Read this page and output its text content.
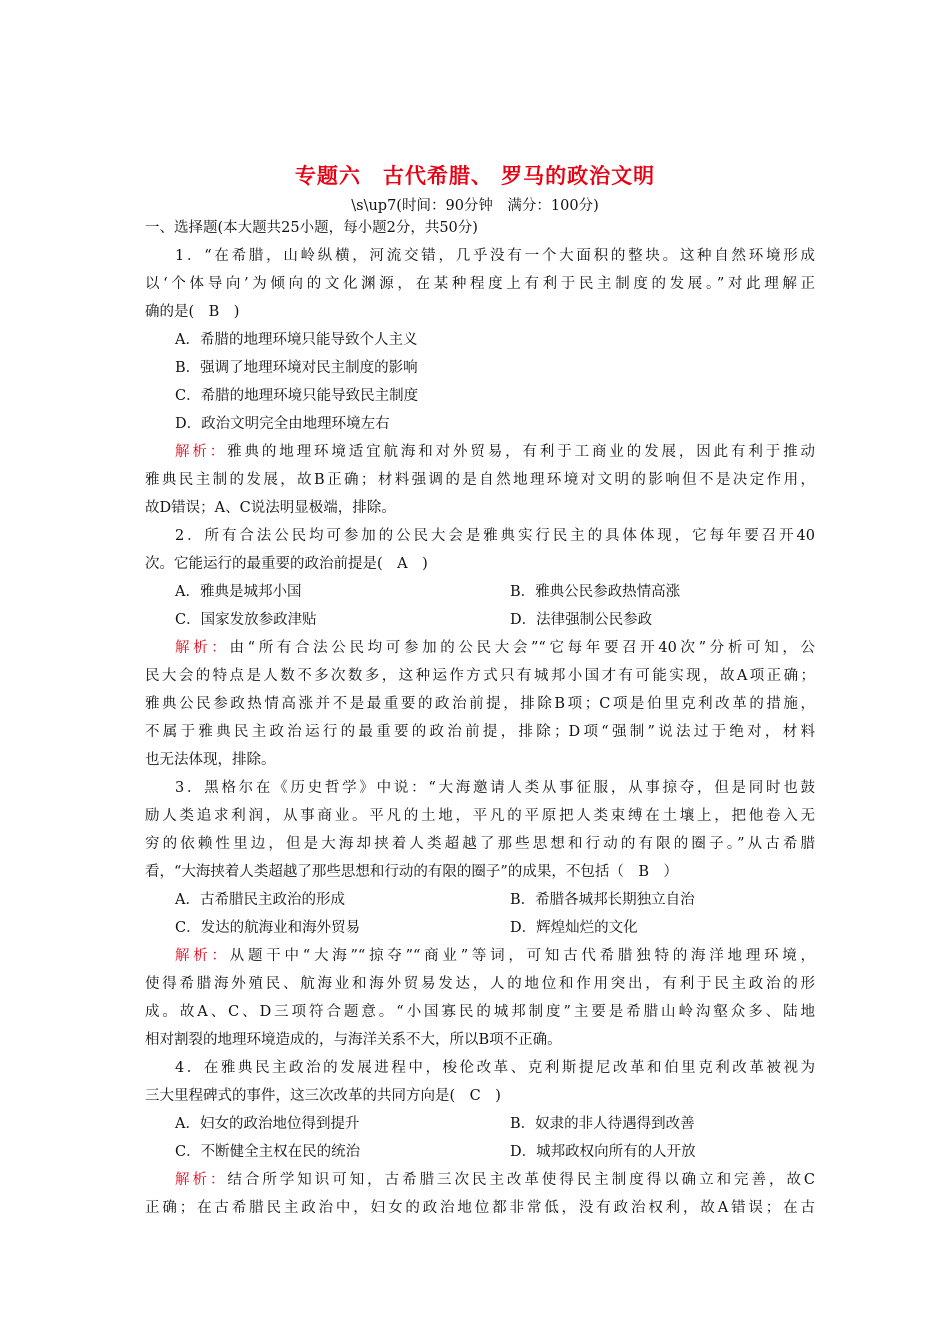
专题六　古代希腊、 罗马的政治文明
\s\up7(时间：90分钟　满分：100分)
一、选择题(本大题共25小题，每小题2分，共50分)
1．“在希腊，山岭纵横，河流交错，几乎没有一个大面积的整块。这种自然环境形成
以‘个体导向’为倾向的文化渊源，在某种程度上有利于民主制度的发展。”对此理解正
确的是(　B　)
A．希腊的地理环境只能导致个人主义
B．强调了地理环境对民主制度的影响
C．希腊的地理环境只能导致民主制度
D．政治文明完全由地理环境左右
解析：雅典的地理环境适宜航海和对外贸易，有利于工商业的发展，因此有利于推动
雅典民主制的发展，故B正确；材料强调的是自然地理环境对文明的影响但不是决定作用，
故D错误；A、C说法明显极端，排除。
2．所有合法公民均可参加的公民大会是雅典实行民主的具体体现，它每年要召开40
次。它能运行的最重要的政治前提是(　A　)
A．雅典是城邦小国	B．雅典公民参政热情高涨
C．国家发放参政津贴	D．法律强制公民参政
解析：由“所有合法公民均可参加的公民大会”“它每年要召开40次”分析可知，公
民大会的特点是人数不多次数多，这种运作方式只有城邦小国才有可能实现，故A项正确；
雅典公民参政热情高涨并不是最重要的政治前提，排除B项；C项是伯里克利改革的措施，
不属于雅典民主政治运行的最重要的政治前提，排除；D项“强制”说法过于绝对，材料
也无法体现，排除。
3．黑格尔在《历史哲学》中说：“大海邀请人类从事征服，从事掠夺，但是同时也鼓
励人类追求利润，从事商业。平凡的土地，平凡的平原把人类束缚在土壤上，把他卷入无
穷的依赖性里边，但是大海却挟着人类超越了那些思想和行动的有限的圈子。”从古希腊
看，“大海挟着人类超越了那些思想和行动的有限的圈子”的成果，不包括（　B　）
A．古希腊民主政治的形成	B．希腊各城邦长期独立自治
C．发达的航海业和海外贸易	D．辉煌灿烂的文化
解析：从题干中“大海”“掠夺”“商业”等词，可知古代希腊独特的海洋地理环境，
使得希腊海外殖民、航海业和海外贸易发达，人的地位和作用突出，有利于民主政治的形
成。故A、C、D三项符合题意。“小国寡民的城邦制度”主要是希腊山岭沟壑众多、陆地
相对割裂的地理环境造成的，与海洋关系不大，所以B项不正确。
4．在雅典民主政治的发展进程中，梭伦改革、克利斯提尼改革和伯里克利改革被视为
三大里程碑式的事件，这三次改革的共同方向是(　C　)
A．妇女的政治地位得到提升	B．奴隶的非人待遇得到改善
C．不断健全主权在民的统治	D．城邦政权向所有的人开放
解析：结合所学知识可知，古希腊三次民主改革使得民主制度得以确立和完善，故C
正确；在古希腊民主政治中，妇女的政治地位都非常低，没有政治权利，故A错误；在古
